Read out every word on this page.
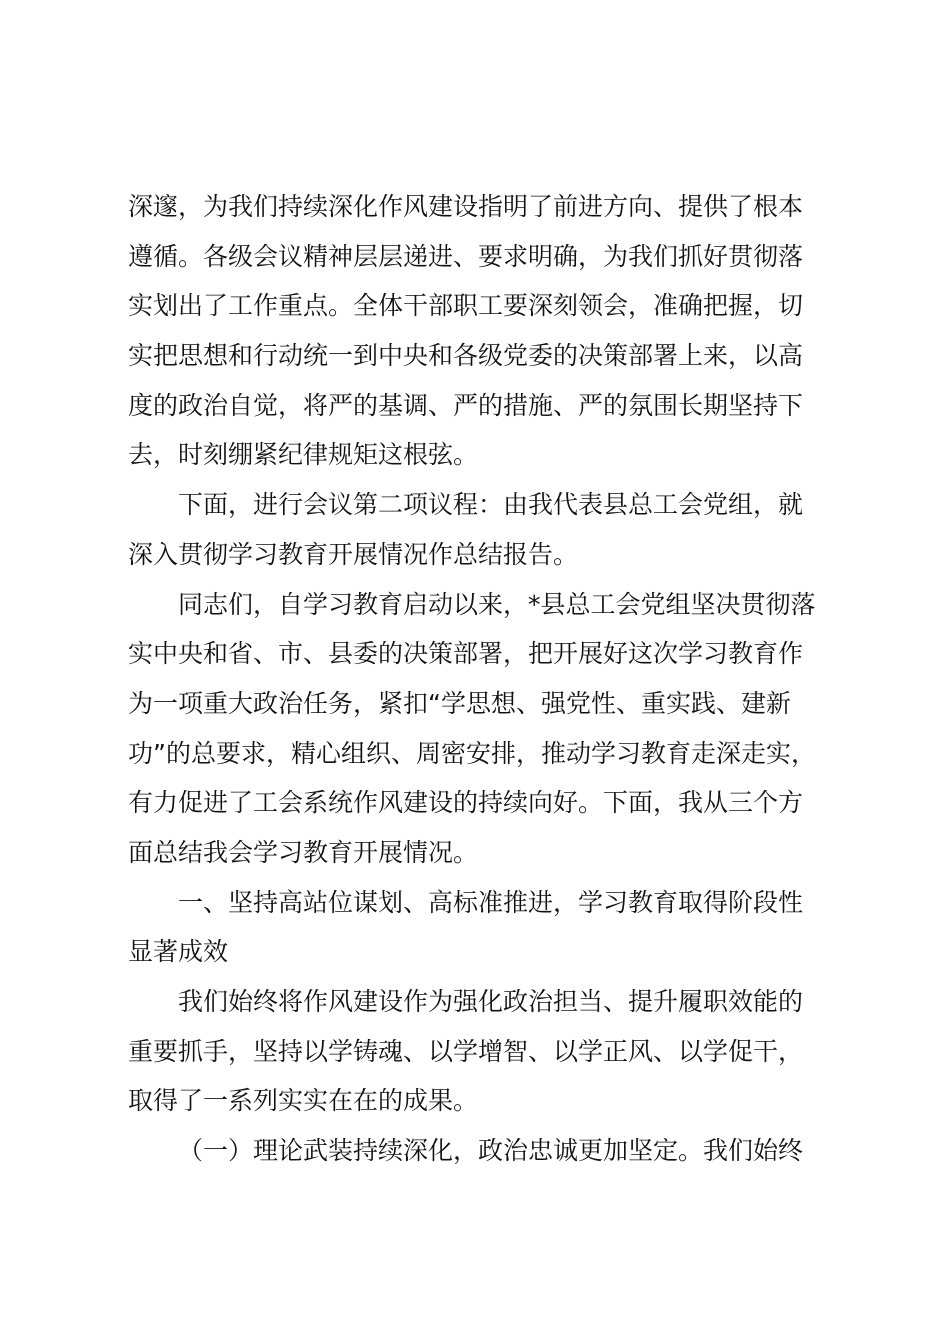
深邃，为我们持续深化作风建设指明了前进方向、提供了根本
遵循。各级会议精神层层递进、要求明确，为我们抓好贯彻落
实划出了工作重点。全体干部职工要深刻领会，准确把握，切
实把思想和行动统一到中央和各级党委的决策部署上来，以高
度的政治自觉，将严的基调、严的措施、严的氛围长期坚持下
去，时刻绷紧纪律规矩这根弦。
下面，进行会议第二项议程：由我代表县总工会党组，就
深入贯彻学习教育开展情况作总结报告。
同志们，自学习教育启动以来，*县总工会党组坚决贯彻落
实中央和省、市、县委的决策部署，把开展好这次学习教育作
为一项重大政治任务，紧扣“学思想、强党性、重实践、建新
功”的总要求，精心组织、周密安排，推动学习教育走深走实，
有力促进了工会系统作风建设的持续向好。下面，我从三个方
面总结我会学习教育开展情况。
一、坚持高站位谋划、高标准推进，学习教育取得阶段性
显著成效
我们始终将作风建设作为强化政治担当、提升履职效能的
重要抓手，坚持以学铸魂、以学增智、以学正风、以学促干，
取得了一系列实实在在的成果。
（一）理论武装持续深化，政治忠诚更加坚定。我们始终
